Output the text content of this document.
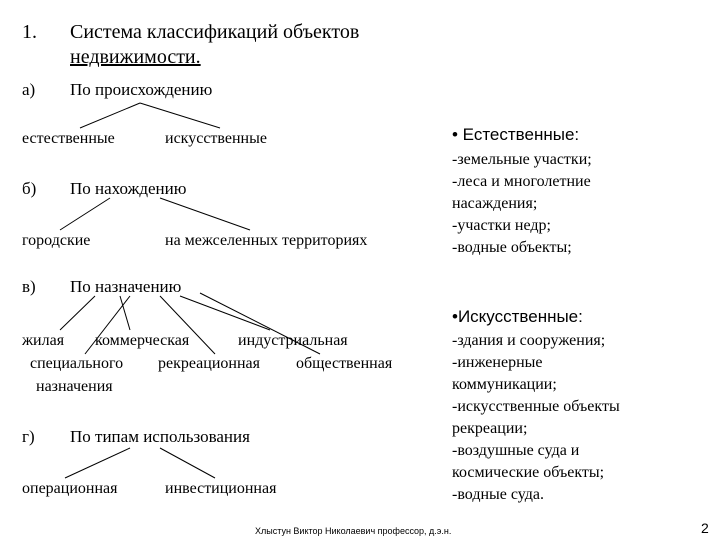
1. Система классификаций объектов
недвижимости.
а) По происхождению
естественные	искусственные
б) По нахождению
городские	на межселенных территориях
в) По назначению
жилая коммерческая	индустриальная
специального рекреационная общественная
назначения
г) По типам использования
операционная	инвестиционная
• Естественные:
-земельные участки;
-леса и многолетние
насаждения;
-участки недр;
-водные объекты;
•Искусственные:
-здания и сооружения;
-инженерные
коммуникации;
-искусственные объекты
рекреации;
-воздушные суда и
космические объекты;
-водные суда.
Хлыстун Виктор Николаевич профессор, д.э.н.	2
